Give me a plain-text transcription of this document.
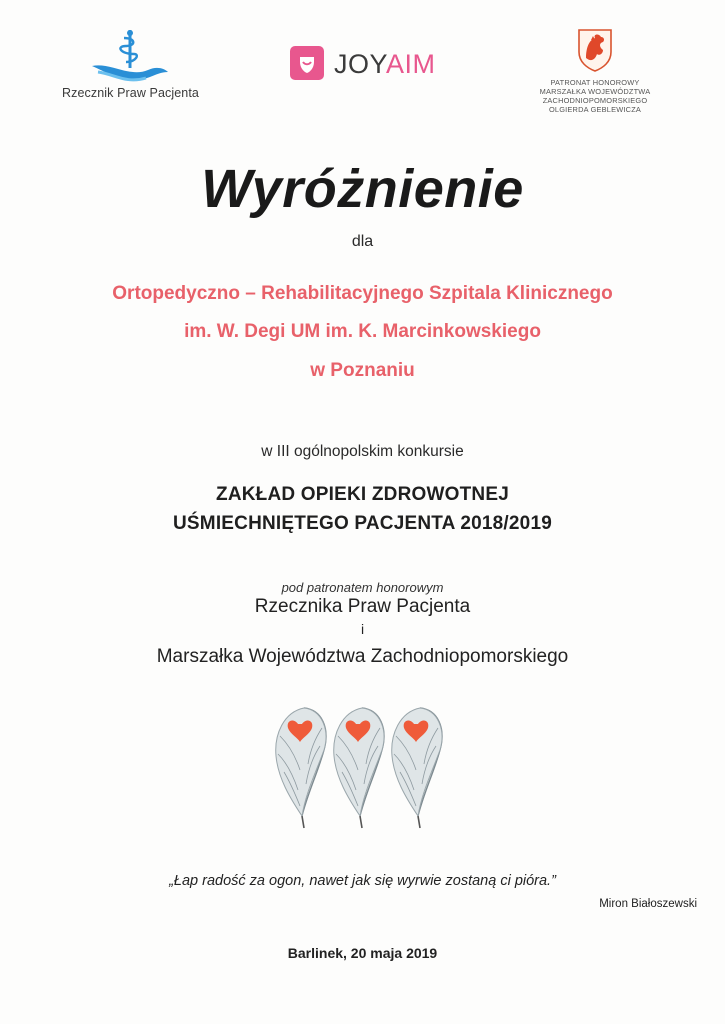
Rzecznik Praw Pacjenta
JOYAIM
PATRONAT HONOROWY
MARSZAŁKA WOJEWÓDZTWA
ZACHODNIOPOMORSKIEGO
OLGIERDA GEBLEWICZA
Wyróżnienie
dla
Ortopedyczno – Rehabilitacyjnego Szpitala Klinicznego
im. W. Degi UM im. K. Marcinkowskiego
w Poznaniu
w III ogólnopolskim konkursie
ZAKŁAD OPIEKI ZDROWOTNEJ
UŚMIECHNIĘTEGO PACJENTA 2018/2019
pod patronatem honorowym
Rzecznika Praw Pacjenta
i
Marszałka Województwa Zachodniopomorskiego
„Łap radość za ogon, nawet jak się wyrwie zostaną ci pióra.”
Miron Białoszewski
Barlinek, 20 maja 2019
